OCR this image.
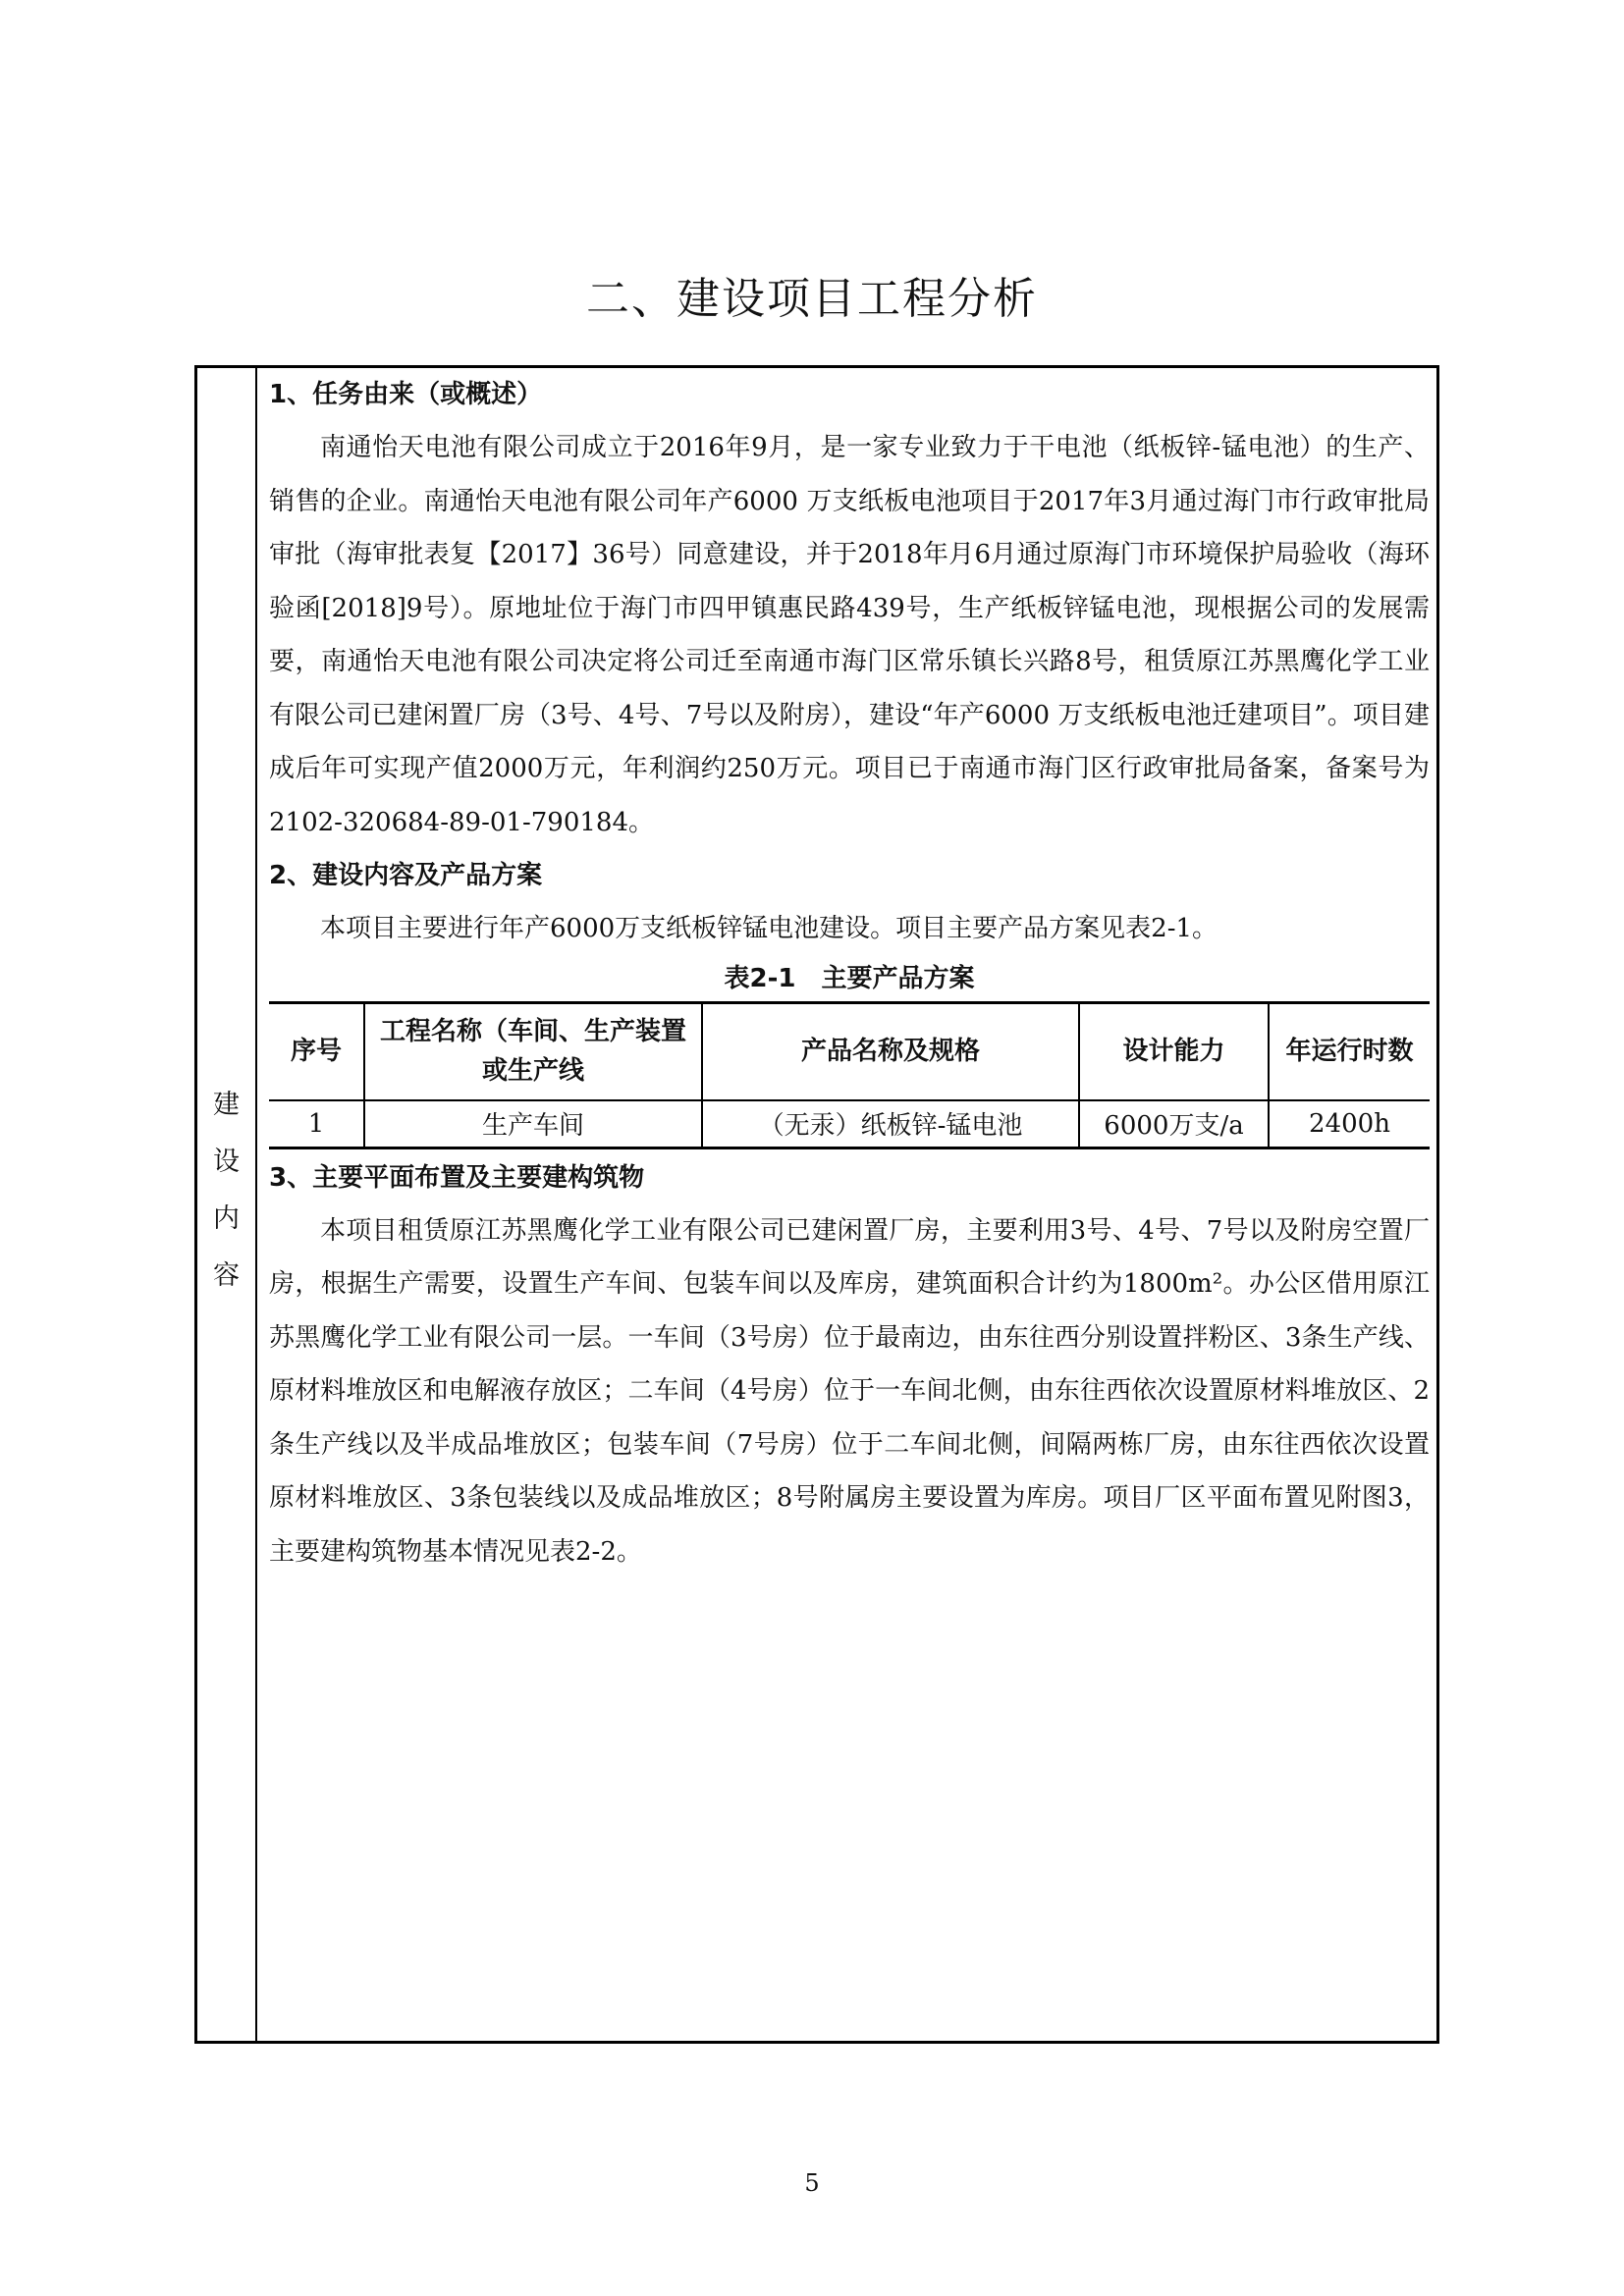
二、建设项目工程分析
建
设
内
容

1、任务由来（或概述）

南通怡天电池有限公司成立于2016年9月，是一家专业致力于干电池（纸板锌-锰电池）的生产、销售的企业。南通怡天电池有限公司年产6000 万支纸板电池项目于2017年3月通过海门市行政审批局审批（海审批表复【2017】36号）同意建设，并于2018年月6月通过原海门市环境保护局验收（海环验函[2018]9号）。原地址位于海门市四甲镇惠民路439号，生产纸板锌锰电池，现根据公司的发展需要，南通怡天电池有限公司决定将公司迁至南通市海门区常乐镇长兴路8号，租赁原江苏黑鹰化学工业有限公司已建闲置厂房（3号、4号、7号以及附房），建设“年产6000 万支纸板电池迁建项目”。项目建成后年可实现产值2000万元，年利润约250万元。项目已于南通市海门区行政审批局备案，备案号为2102-320684-89-01-790184。

2、建设内容及产品方案

本项目主要进行年产6000万支纸板锌锰电池建设。项目主要产品方案见表2-1。

表2-1　主要产品方案
序号	工程名称（车间、生产装置或生产线	产品名称及规格	设计能力	年运行时数
1	生产车间	（无汞）纸板锌-锰电池	6000万支/a	2400h

3、主要平面布置及主要建构筑物

本项目租赁原江苏黑鹰化学工业有限公司已建闲置厂房，主要利用3号、4号、7号以及附房空置厂房，根据生产需要，设置生产车间、包装车间以及库房，建筑面积合计约为1800m²。办公区借用原江苏黑鹰化学工业有限公司一层。一车间（3号房）位于最南边，由东往西分别设置拌粉区、3条生产线、原材料堆放区和电解液存放区；二车间（4号房）位于一车间北侧，由东往西依次设置原材料堆放区、2条生产线以及半成品堆放区；包装车间（7号房）位于二车间北侧，间隔两栋厂房，由东往西依次设置原材料堆放区、3条包装线以及成品堆放区；8号附属房主要设置为库房。项目厂区平面布置见附图3，主要建构筑物基本情况见表2-2。

5
